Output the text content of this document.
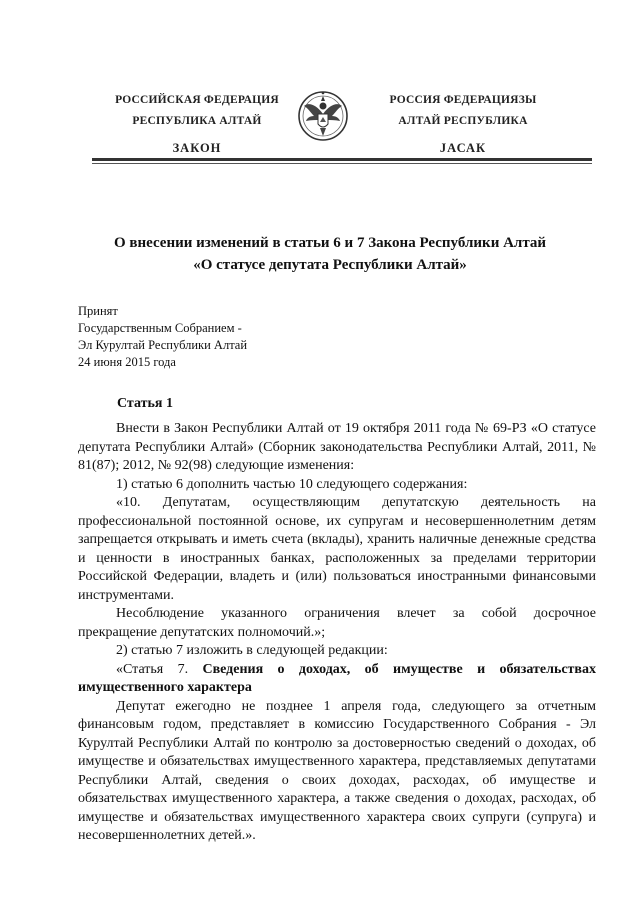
РОССИЙСКАЯ ФЕДЕРАЦИЯ
РЕСПУБЛИКА АЛТАЙ
ЗАКОН
РОССИЯ ФЕДЕРАЦИЯЗЫ
АЛТАЙ РЕСПУБЛИКА
JАСАК
О внесении изменений в статьи 6 и 7 Закона Республики Алтай
«О статусе депутата Республики Алтай»
Принят
Государственным Собранием -
Эл Курултай Республики Алтай
24 июня 2015 года
Статья 1

Внести в Закон Республики Алтай от 19 октября 2011 года № 69-РЗ «О статусе депутата Республики Алтай» (Сборник законодательства Республики Алтай, 2011, № 81(87); 2012, № 92(98) следующие изменения:

1) статью 6 дополнить частью 10 следующего содержания:

«10. Депутатам, осуществляющим депутатскую деятельность на профессиональной постоянной основе, их супругам и несовершеннолетним детям запрещается открывать и иметь счета (вклады), хранить наличные денежные средства и ценности в иностранных банках, расположенных за пределами территории Российской Федерации, владеть и (или) пользоваться иностранными финансовыми инструментами.

Несоблюдение указанного ограничения влечет за собой досрочное прекращение депутатских полномочий.»;

2) статью 7 изложить в следующей редакции:

«Статья 7. Сведения о доходах, об имуществе и обязательствах имущественного характера

Депутат ежегодно не позднее 1 апреля года, следующего за отчетным финансовым годом, представляет в комиссию Государственного Собрания - Эл Курултай Республики Алтай по контролю за достоверностью сведений о доходах, об имуществе и обязательствах имущественного характера, представляемых депутатами Республики Алтай, сведения о своих доходах, расходах, об имуществе и обязательствах имущественного характера, а также сведения о доходах, расходах, об имуществе и обязательствах имущественного характера своих супруги (супруга) и несовершеннолетних детей.».
